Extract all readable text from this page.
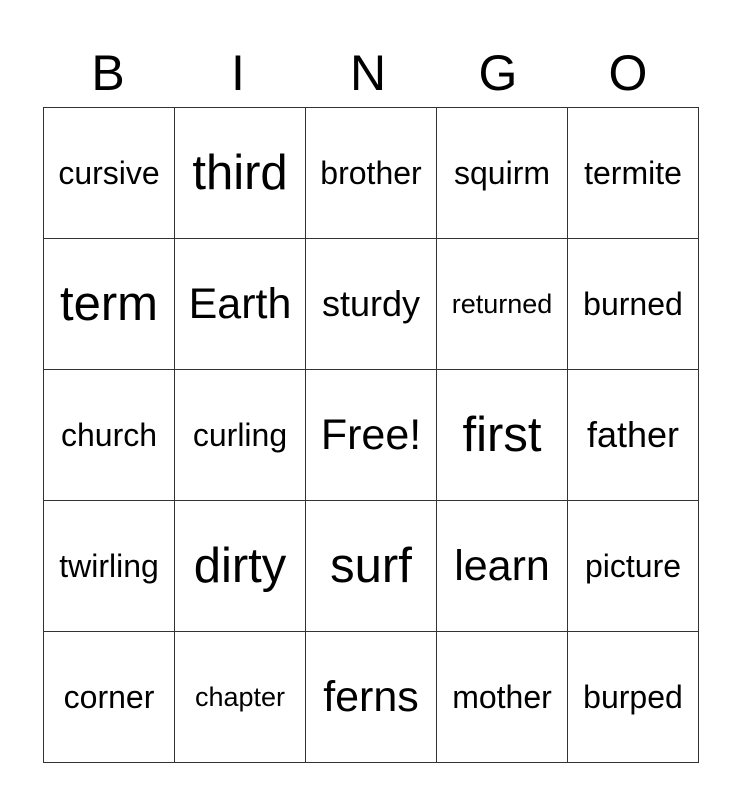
B	I	N	G	O
cursive	third	brother	squirm	termite
term	Earth	sturdy	returned	burned
church	curling	Free!	first	father
twirling	dirty	surf	learn	picture
corner	chapter	ferns	mother	burped
